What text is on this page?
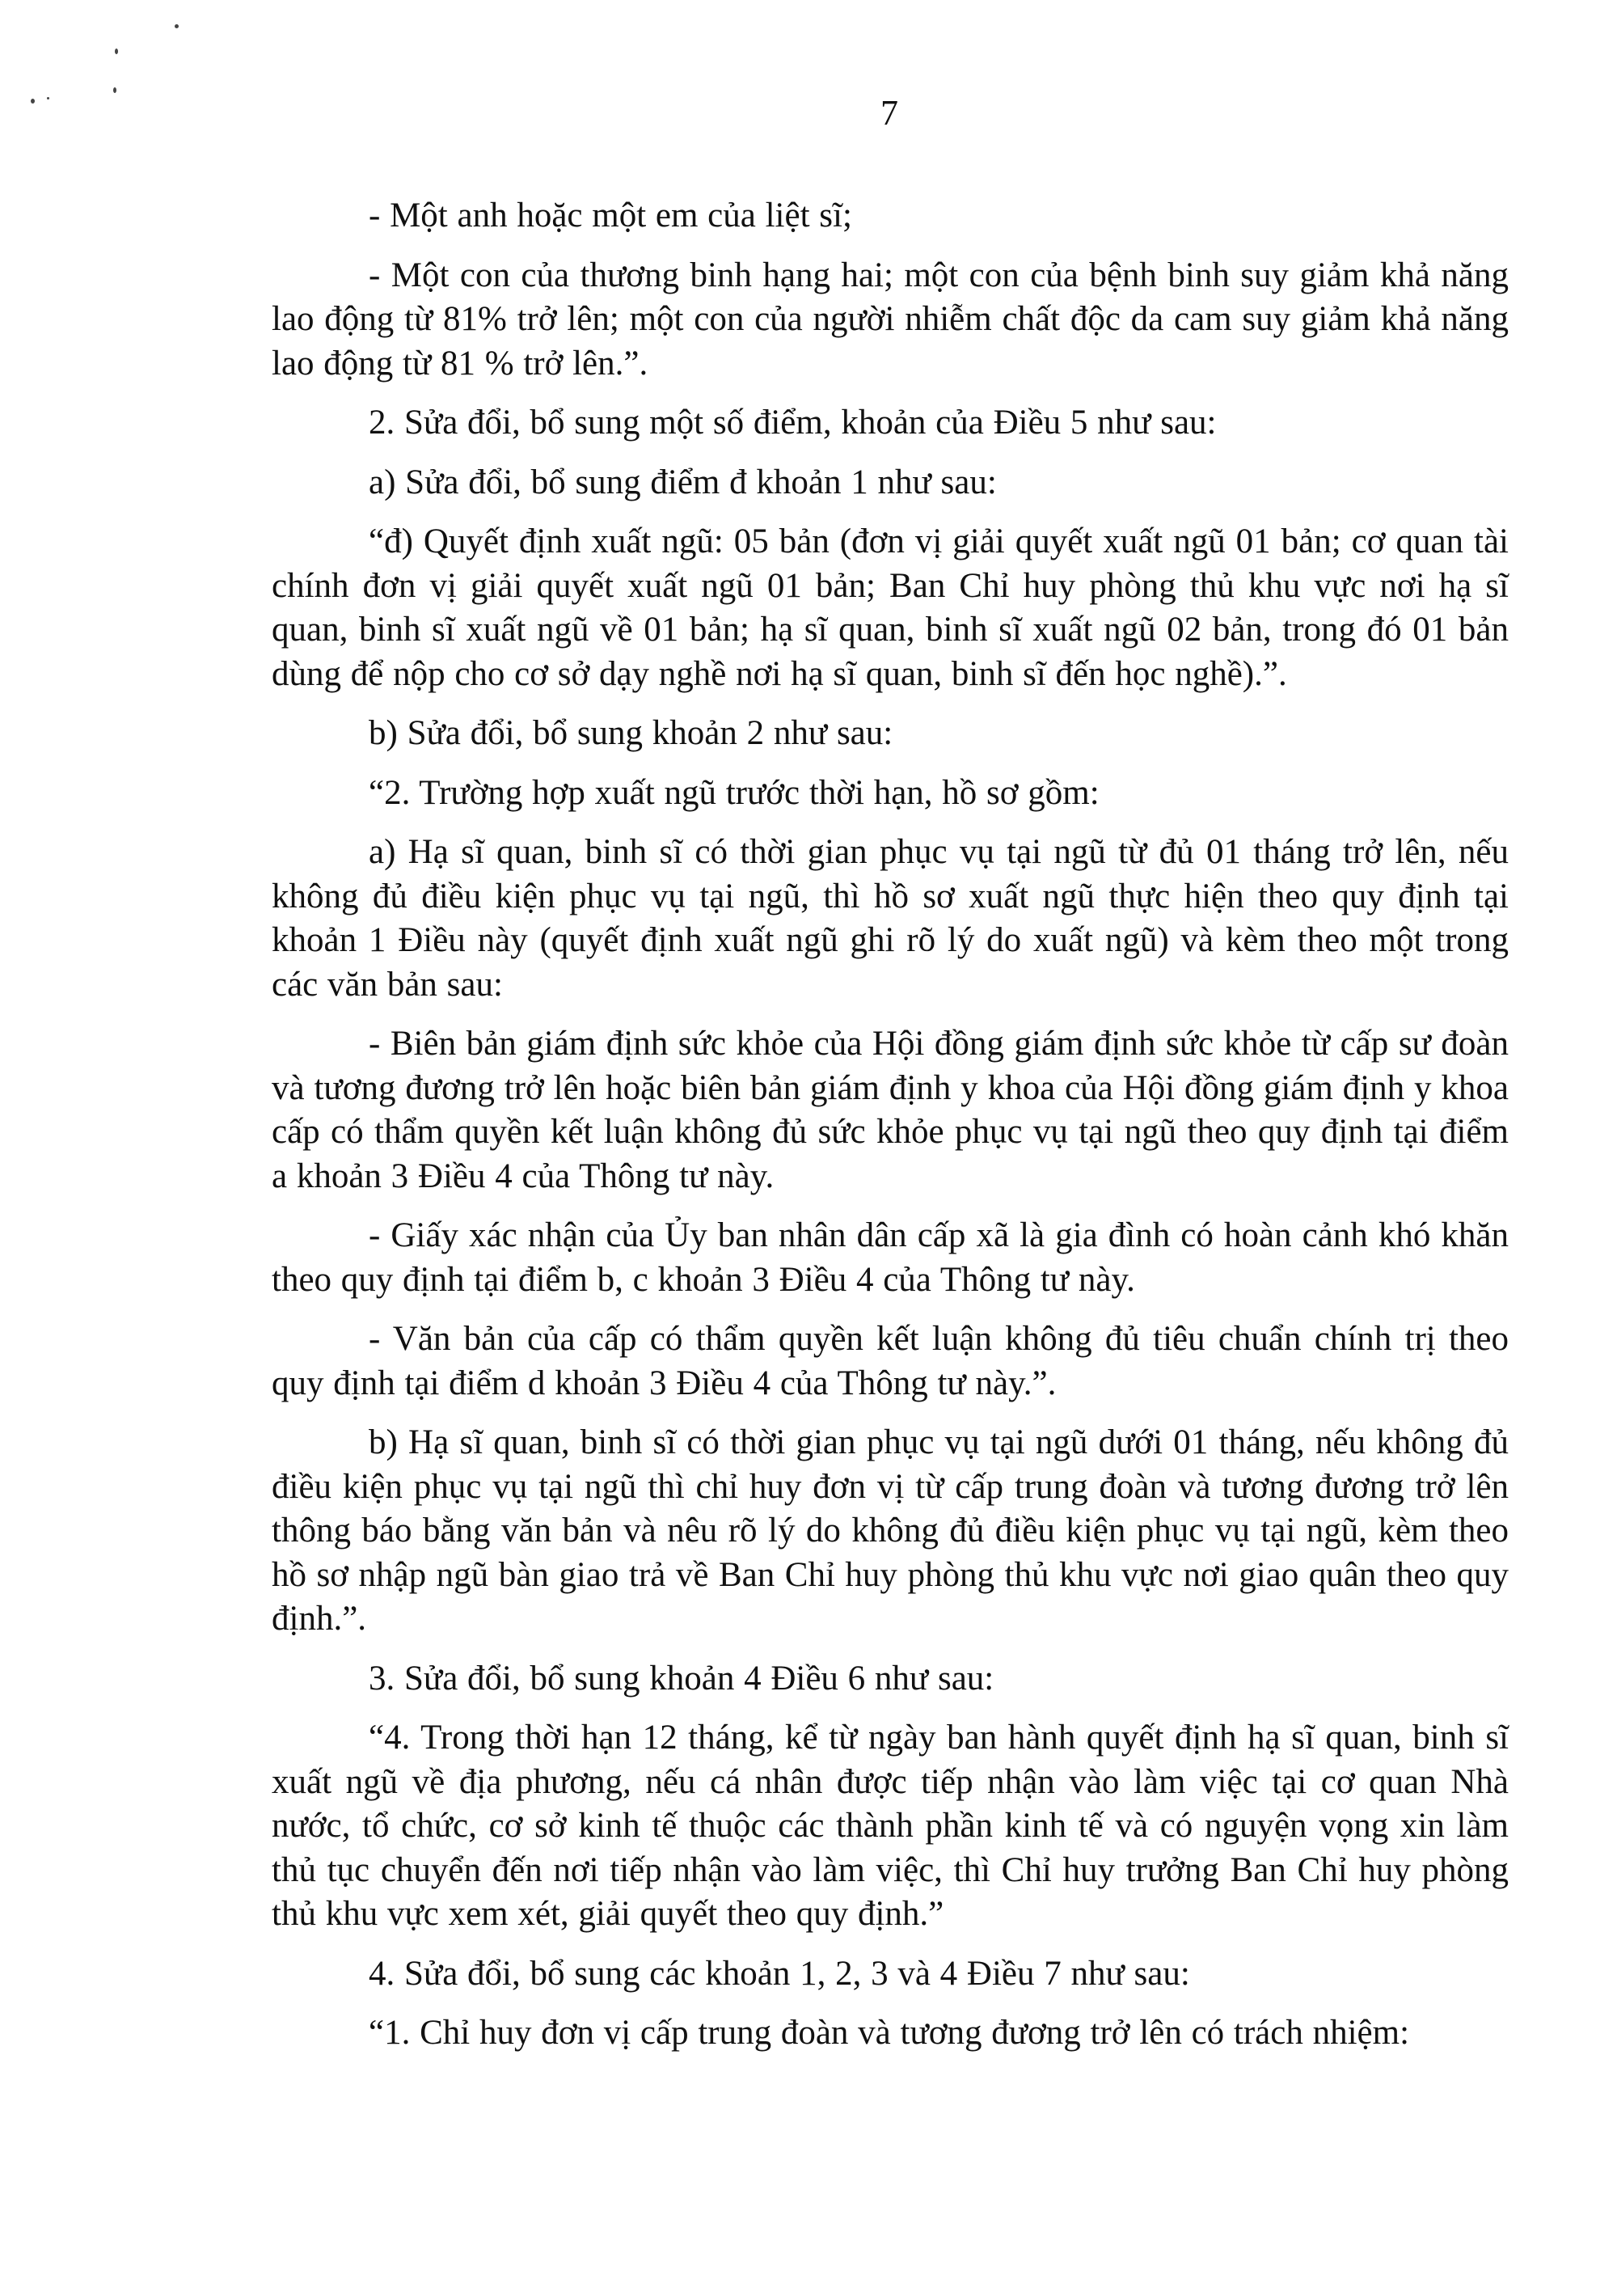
7

- Một anh hoặc một em của liệt sĩ;

- Một con của thương binh hạng hai; một con của bệnh binh suy giảm khả năng lao động từ 81% trở lên; một con của người nhiễm chất độc da cam suy giảm khả năng lao động từ 81 % trở lên.”.

2. Sửa đổi, bổ sung một số điểm, khoản của Điều 5 như sau:

a) Sửa đổi, bổ sung điểm đ khoản 1 như sau:

“đ) Quyết định xuất ngũ: 05 bản (đơn vị giải quyết xuất ngũ 01 bản; cơ quan tài chính đơn vị giải quyết xuất ngũ 01 bản; Ban Chỉ huy phòng thủ khu vực nơi hạ sĩ quan, binh sĩ xuất ngũ về 01 bản; hạ sĩ quan, binh sĩ xuất ngũ 02 bản, trong đó 01 bản dùng để nộp cho cơ sở dạy nghề nơi hạ sĩ quan, binh sĩ đến học nghề).”.

b) Sửa đổi, bổ sung khoản 2 như sau:

“2. Trường hợp xuất ngũ trước thời hạn, hồ sơ gồm:

a) Hạ sĩ quan, binh sĩ có thời gian phục vụ tại ngũ từ đủ 01 tháng trở lên, nếu không đủ điều kiện phục vụ tại ngũ, thì hồ sơ xuất ngũ thực hiện theo quy định tại khoản 1 Điều này (quyết định xuất ngũ ghi rõ lý do xuất ngũ) và kèm theo một trong các văn bản sau:

- Biên bản giám định sức khỏe của Hội đồng giám định sức khỏe từ cấp sư đoàn và tương đương trở lên hoặc biên bản giám định y khoa của Hội đồng giám định y khoa cấp có thẩm quyền kết luận không đủ sức khỏe phục vụ tại ngũ theo quy định tại điểm a khoản 3 Điều 4 của Thông tư này.

- Giấy xác nhận của Ủy ban nhân dân cấp xã là gia đình có hoàn cảnh khó khăn theo quy định tại điểm b, c khoản 3 Điều 4 của Thông tư này.

- Văn bản của cấp có thẩm quyền kết luận không đủ tiêu chuẩn chính trị theo quy định tại điểm d khoản 3 Điều 4 của Thông tư này.”.

b) Hạ sĩ quan, binh sĩ có thời gian phục vụ tại ngũ dưới 01 tháng, nếu không đủ điều kiện phục vụ tại ngũ thì chỉ huy đơn vị từ cấp trung đoàn và tương đương trở lên thông báo bằng văn bản và nêu rõ lý do không đủ điều kiện phục vụ tại ngũ, kèm theo hồ sơ nhập ngũ bàn giao trả về Ban Chỉ huy phòng thủ khu vực nơi giao quân theo quy định.”.

3. Sửa đổi, bổ sung khoản 4 Điều 6 như sau:

“4. Trong thời hạn 12 tháng, kể từ ngày ban hành quyết định hạ sĩ quan, binh sĩ xuất ngũ về địa phương, nếu cá nhân được tiếp nhận vào làm việc tại cơ quan Nhà nước, tổ chức, cơ sở kinh tế thuộc các thành phần kinh tế và có nguyện vọng xin làm thủ tục chuyển đến nơi tiếp nhận vào làm việc, thì Chỉ huy trưởng Ban Chỉ huy phòng thủ khu vực xem xét, giải quyết theo quy định.”

4. Sửa đổi, bổ sung các khoản 1, 2, 3 và 4 Điều 7 như sau:

“1. Chỉ huy đơn vị cấp trung đoàn và tương đương trở lên có trách nhiệm:
